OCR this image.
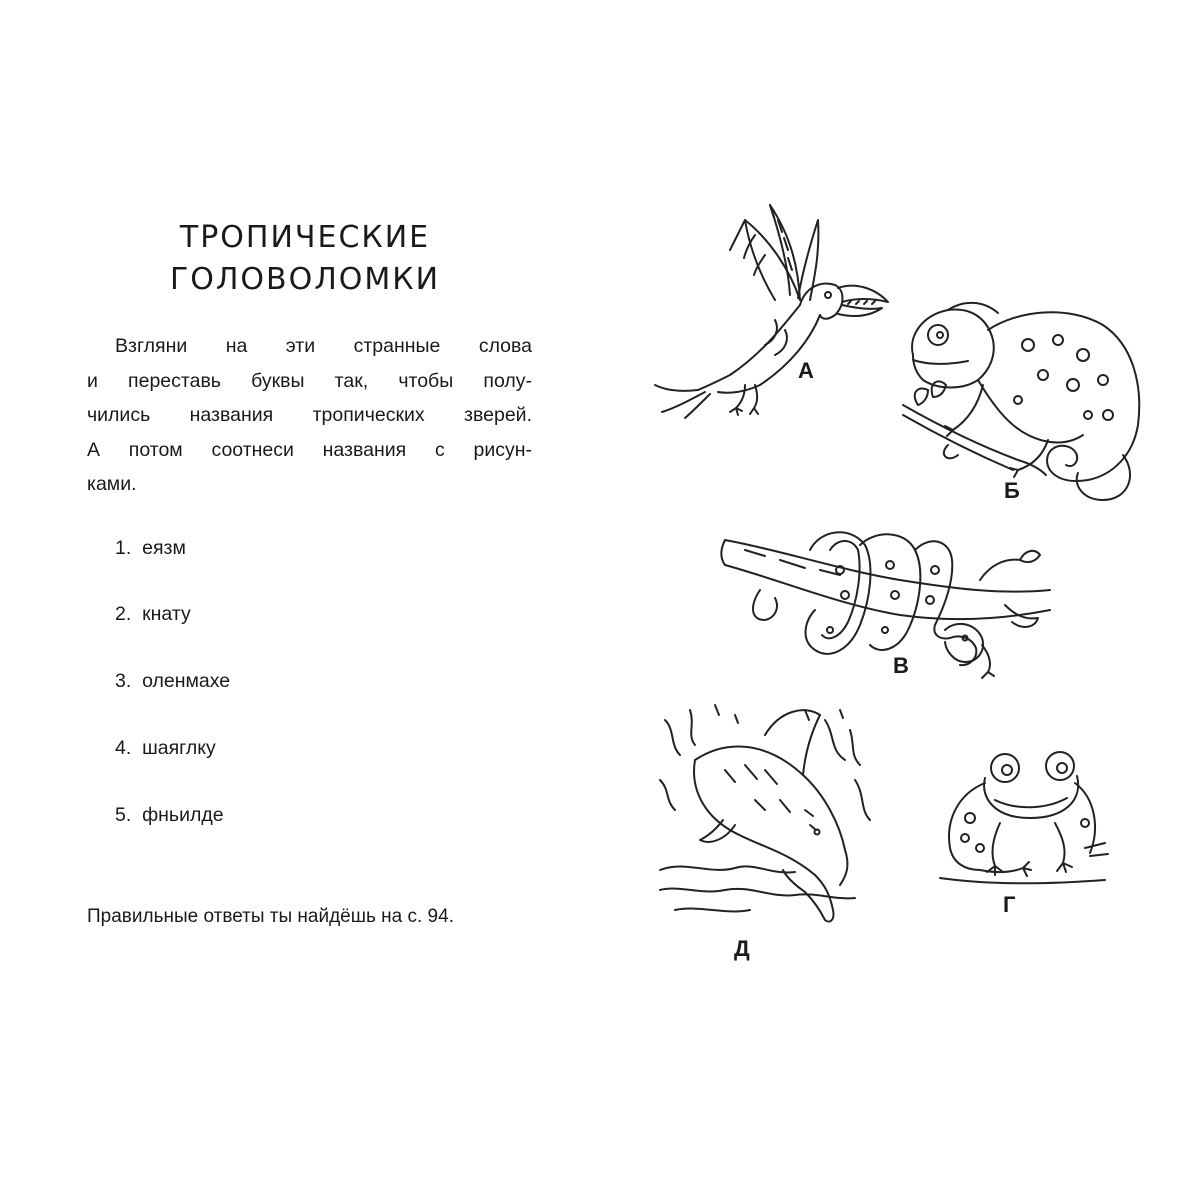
ТРОПИЧЕСКИЕ
ГОЛОВОЛОМКИ
Взгляни на эти странные слова
и переставь буквы так, чтобы полу-
чились названия тропических зверей.
А потом соотнеси названия с рисун-
ками.
1. еязм
2. кнату
3. оленмахе
4. шаяглку
5. фньилде
Правильные ответы ты найдёшь на с. 94.
А
Б
В
Д
Г
